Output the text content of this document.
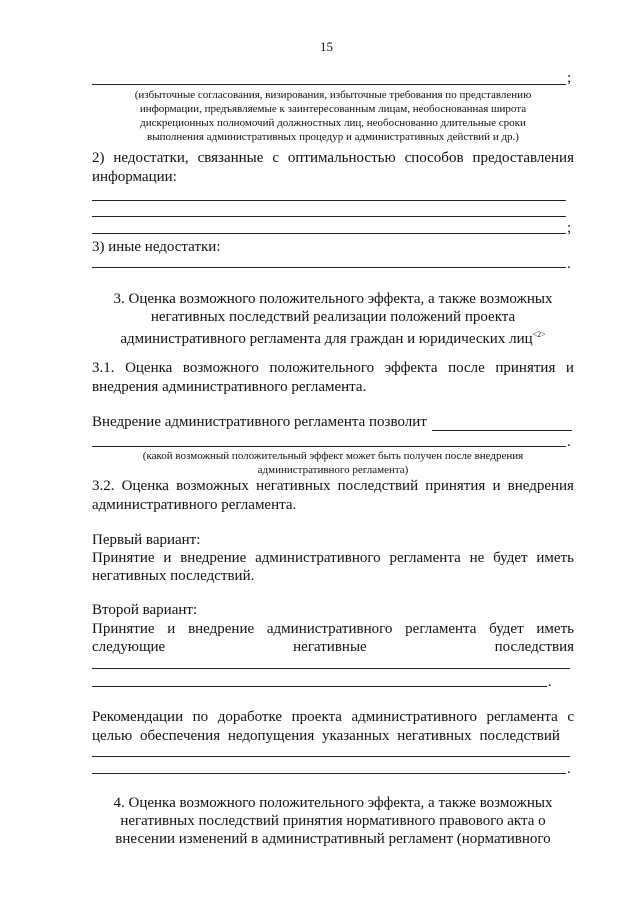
15
;
(избыточные согласования, визирования, избыточные требования по представлению
информации, предъявляемые к заинтересованным лицам, необоснованная широта
дискреционных полномочий должностных лиц, необоснованно длительные сроки
выполнения административных процедур и административных действий и др.)
2) недостатки, связанные с оптимальностью способов предоставления
информации:
;
3) иные недостатки:
.
3. Оценка возможного положительного эффекта, а также возможных
негативных последствий реализации положений проекта
административного регламента для граждан и юридических лиц$^{<2>}$
3.1. Оценка возможного положительного эффекта после принятия и
внедрения административного регламента.
Внедрение административного регламента позволит
.
(какой возможный положительный эффект может быть получен после внедрения
административного регламента)
3.2. Оценка возможных негативных последствий принятия и внедрения
административного регламента.
Первый вариант:
Принятие и внедрение административного регламента не будет иметь
негативных последствий.
Второй вариант:
Принятие и внедрение административного регламента будет иметь
следующие	негативные	последствия
.
Рекомендации по доработке проекта административного регламента с
целью обеспечения недопущения указанных негативных последствий
.
4. Оценка возможного положительного эффекта, а также возможных
негативных последствий принятия нормативного правового акта о
внесении изменений в административный регламент (нормативного
